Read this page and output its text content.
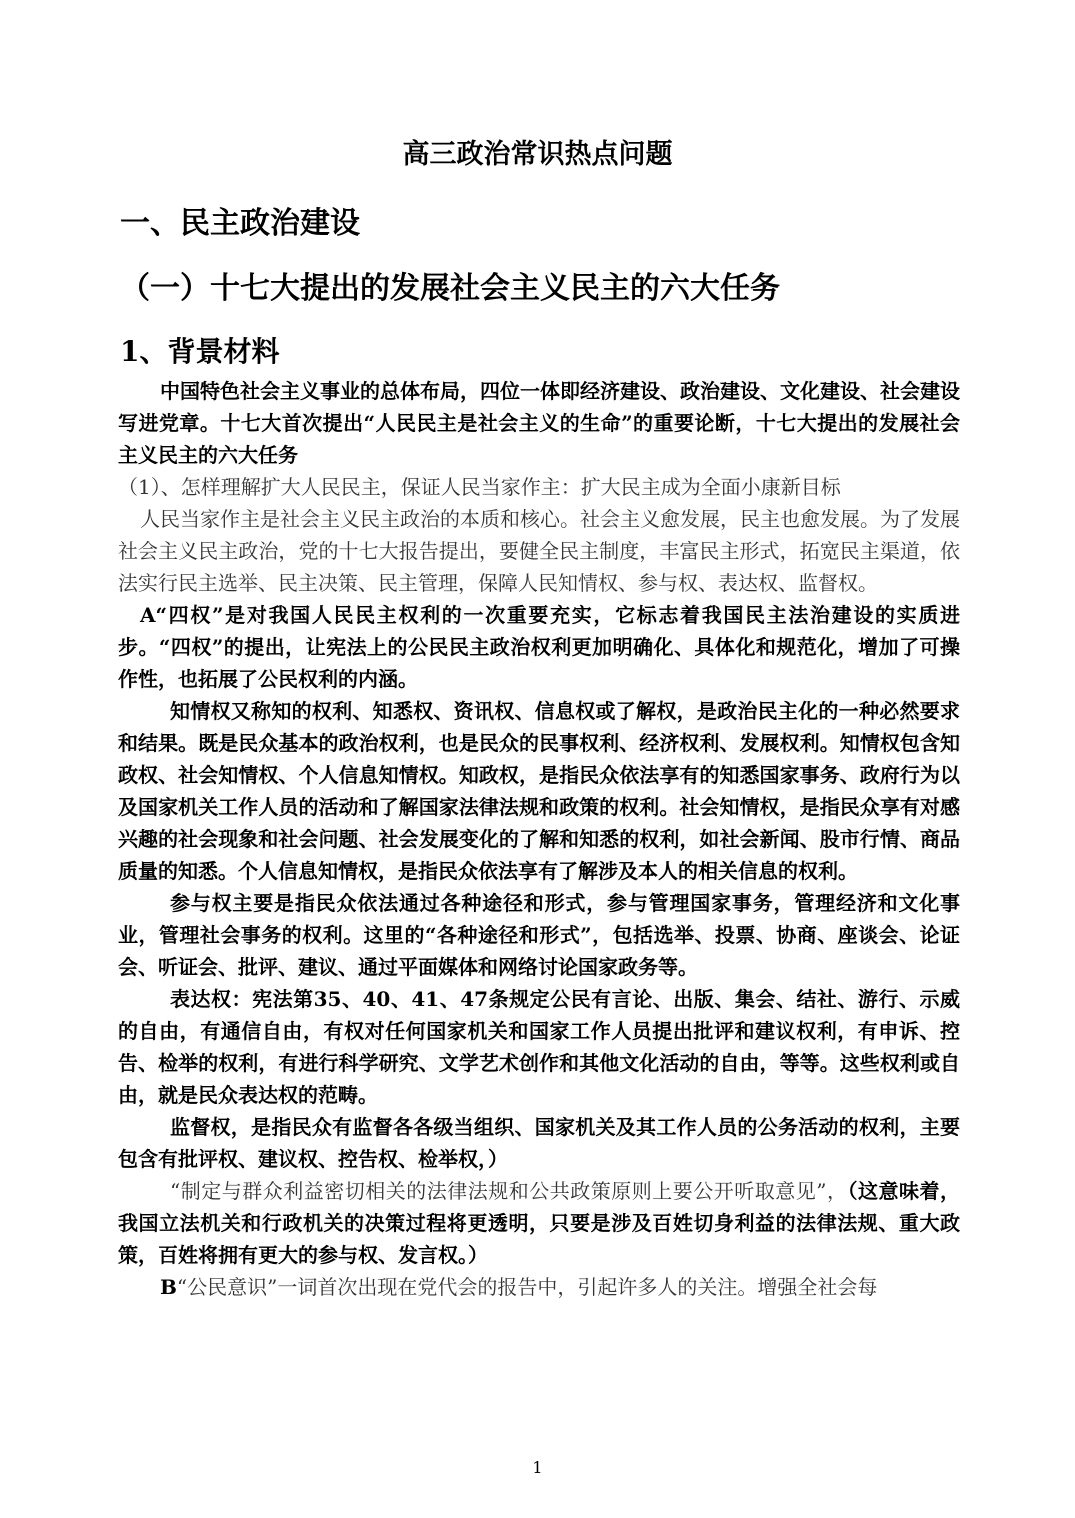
高三政治常识热点问题
一、民主政治建设
（一）十七大提出的发展社会主义民主的六大任务
1、背景材料

中国特色社会主义事业的总体布局，四位一体即经济建设、政治建设、文化建设、社会建设写进党章。十七大首次提出“人民民主是社会主义的生命”的重要论断，十七大提出的发展社会主义民主的六大任务

（1）、怎样理解扩大人民民主，保证人民当家作主：扩大民主成为全面小康新目标

人民当家作主是社会主义民主政治的本质和核心。社会主义愈发展，民主也愈发展。为了发展社会主义民主政治，党的十七大报告提出，要健全民主制度，丰富民主形式，拓宽民主渠道，依法实行民主选举、民主决策、民主管理，保障人民知情权、参与权、表达权、监督权。

A“四权”是对我国人民民主权利的一次重要充实，它标志着我国民主法治建设的实质进步。“四权”的提出，让宪法上的公民民主政治权利更加明确化、具体化和规范化，增加了可操作性，也拓展了公民权利的内涵。

知情权又称知的权利、知悉权、资讯权、信息权或了解权，是政治民主化的一种必然要求和结果。既是民众基本的政治权利，也是民众的民事权利、经济权利、发展权利。知情权包含知政权、社会知情权、个人信息知情权。知政权，是指民众依法享有的知悉国家事务、政府行为以及国家机关工作人员的活动和了解国家法律法规和政策的权利。社会知情权，是指民众享有对感兴趣的社会现象和社会问题、社会发展变化的了解和知悉的权利，如社会新闻、股市行情、商品质量的知悉。个人信息知情权，是指民众依法享有了解涉及本人的相关信息的权利。

参与权主要是指民众依法通过各种途径和形式，参与管理国家事务，管理经济和文化事业，管理社会事务的权利。这里的“各种途径和形式”，包括选举、投票、协商、座谈会、论证会、听证会、批评、建议、通过平面媒体和网络讨论国家政务等。

表达权：宪法第35、40、41、47条规定公民有言论、出版、集会、结社、游行、示威的自由，有通信自由，有权对任何国家机关和国家工作人员提出批评和建议权利，有申诉、控告、检举的权利，有进行科学研究、文学艺术创作和其他文化活动的自由，等等。这些权利或自由，就是民众表达权的范畴。

监督权，是指民众有监督各各级当组织、国家机关及其工作人员的公务活动的权利，主要包含有批评权、建议权、控告权、检举权，）

“制定与群众利益密切相关的法律法规和公共政策原则上要公开听取意见”，（这意味着，我国立法机关和行政机关的决策过程将更透明，只要是涉及百姓切身利益的法律法规、重大政策，百姓将拥有更大的参与权、发言权。）

B“公民意识”一词首次出现在党代会的报告中，引起许多人的关注。增强全社会每

1
